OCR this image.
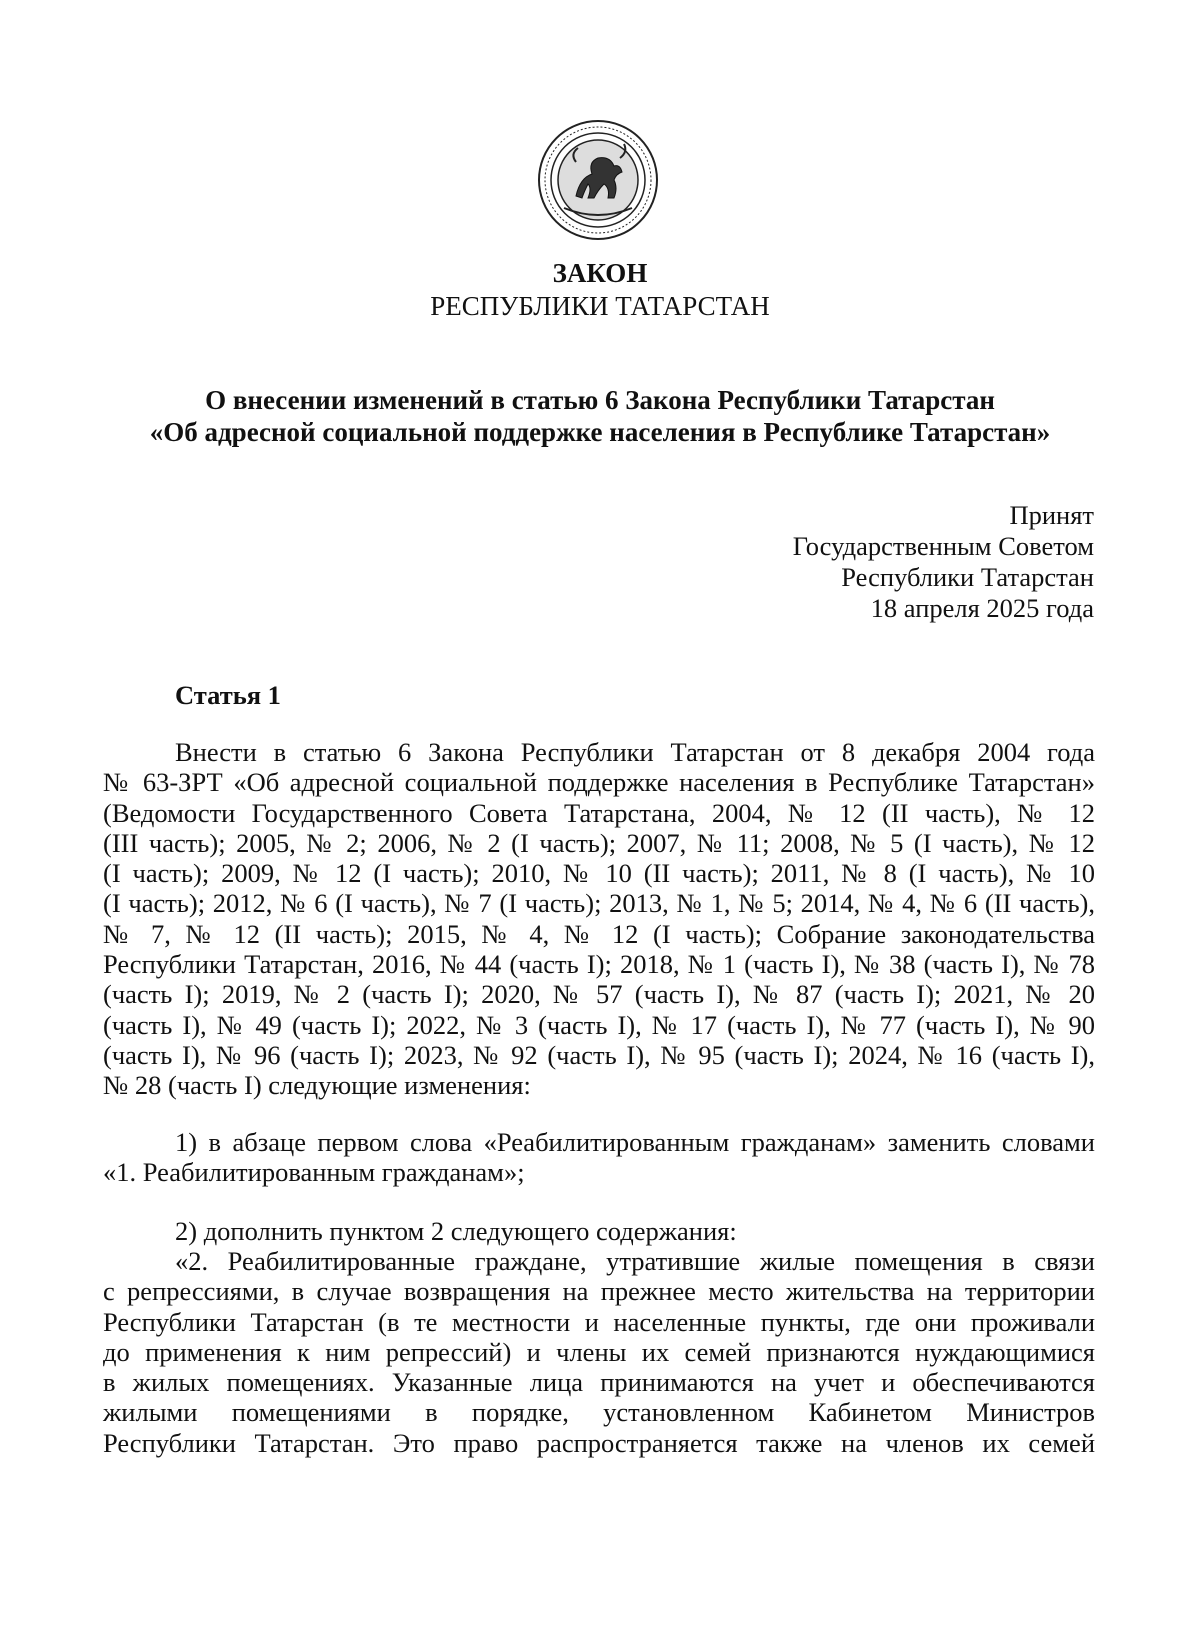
ЗАКОН
РЕСПУБЛИКИ ТАТАРСТАН
О внесении изменений в статью 6 Закона Республики Татарстан
«Об адресной социальной поддержке населения в Республике Татарстан»
Принят
Государственным Советом
Республики Татарстан
18 апреля 2025 года
Статья 1
Внести в статью 6 Закона Республики Татарстан от 8 декабря 2004 года
№ 63-ЗРТ «Об адресной социальной поддержке населения в Республике Татарстан»
(Ведомости Государственного Совета Татарстана, 2004, № 12 (II часть), № 12
(III часть); 2005, № 2; 2006, № 2 (I часть); 2007, № 11; 2008, № 5 (I часть), № 12
(I часть); 2009, № 12 (I часть); 2010, № 10 (II часть); 2011, № 8 (I часть), № 10
(I часть); 2012, № 6 (I часть), № 7 (I часть); 2013, № 1, № 5; 2014, № 4, № 6 (II часть),
№ 7, № 12 (II часть); 2015, № 4, № 12 (I часть); Собрание законодательства
Республики Татарстан, 2016, № 44 (часть I); 2018, № 1 (часть I), № 38 (часть I), № 78
(часть I); 2019, № 2 (часть I); 2020, № 57 (часть I), № 87 (часть I); 2021, № 20
(часть I), № 49 (часть I); 2022, № 3 (часть I), № 17 (часть I), № 77 (часть I), № 90
(часть I), № 96 (часть I); 2023, № 92 (часть I), № 95 (часть I); 2024, № 16 (часть I),
№ 28 (часть I) следующие изменения:
1) в абзаце первом слова «Реабилитированным гражданам» заменить словами
«1. Реабилитированным гражданам»;
2) дополнить пунктом 2 следующего содержания:
«2. Реабилитированные граждане, утратившие жилые помещения в связи
с репрессиями, в случае возвращения на прежнее место жительства на территории
Республики Татарстан (в те местности и населенные пункты, где они проживали
до применения к ним репрессий) и члены их семей признаются нуждающимися
в жилых помещениях. Указанные лица принимаются на учет и обеспечиваются
жилыми помещениями в порядке, установленном Кабинетом Министров
Республики Татарстан. Это право распространяется также на членов их семей
